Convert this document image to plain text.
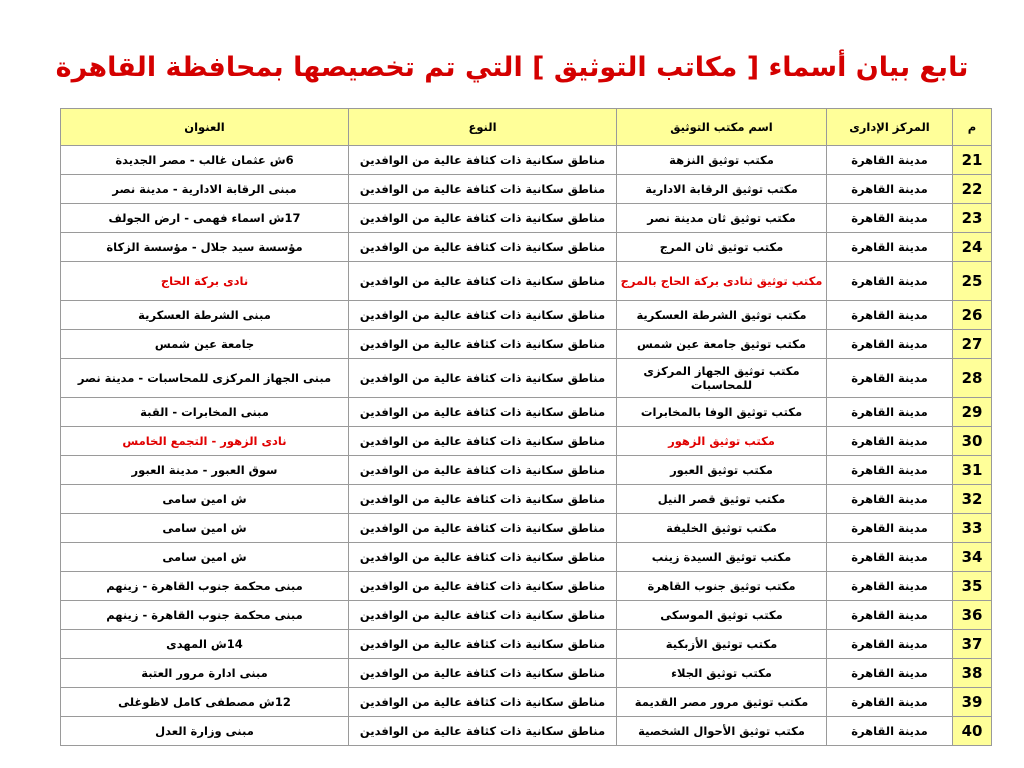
تابع بيان أسماء [ مكاتب التوثيق ] التي تم تخصيصها بمحافظة القاهرة
م	المركز الإدارى	اسم مكتب التوثيق	النوع	العنوان
21	مدينة القاهرة	مكتب توثيق النزهة	مناطق سكانية ذات كثافة عالية من الوافدين	6ش عثمان غالب - مصر الجديدة
22	مدينة القاهرة	مكتب توثيق الرقابة الادارية	مناطق سكانية ذات كثافة عالية من الوافدين	مبنى الرقابة الادارية - مدينة نصر
23	مدينة القاهرة	مكتب توثيق ثان مدينة نصر	مناطق سكانية ذات كثافة عالية من الوافدين	17ش اسماء فهمى - ارض الجولف
24	مدينة القاهرة	مكتب توثيق ثان المرج	مناطق سكانية ذات كثافة عالية من الوافدين	مؤسسة سيد جلال - مؤسسة الزكاة
25	مدينة القاهرة	مكتب توثيق ثنادى بركة الحاج بالمرج	مناطق سكانية ذات كثافة عالية من الوافدين	نادى بركة الحاج
26	مدينة القاهرة	مكتب توثيق الشرطة العسكرية	مناطق سكانية ذات كثافة عالية من الوافدين	مبنى الشرطة العسكرية
27	مدينة القاهرة	مكتب توثيق جامعة عين شمس	مناطق سكانية ذات كثافة عالية من الوافدين	جامعة عين شمس
28	مدينة القاهرة	مكتب توثيق الجهاز المركزى للمحاسبات	مناطق سكانية ذات كثافة عالية من الوافدين	مبنى الجهاز المركزى للمحاسبات - مدينة نصر
29	مدينة القاهرة	مكتب توثيق الوفا بالمخابرات	مناطق سكانية ذات كثافة عالية من الوافدين	مبنى المخابرات - القبة
30	مدينة القاهرة	مكتب توثيق الزهور	مناطق سكانية ذات كثافة عالية من الوافدين	نادى الزهور - التجمع الخامس
31	مدينة القاهرة	مكتب توثيق العبور	مناطق سكانية ذات كثافة عالية من الوافدين	سوق العبور - مدينة العبور
32	مدينة القاهرة	مكتب توثيق قصر النيل	مناطق سكانية ذات كثافة عالية من الوافدين	ش امين سامى
33	مدينة القاهرة	مكتب توثيق الخليفة	مناطق سكانية ذات كثافة عالية من الوافدين	ش امين سامى
34	مدينة القاهرة	مكتب توثيق السيدة زينب	مناطق سكانية ذات كثافة عالية من الوافدين	ش امين سامى
35	مدينة القاهرة	مكتب توثيق جنوب القاهرة	مناطق سكانية ذات كثافة عالية من الوافدين	مبنى محكمة جنوب القاهرة - زينهم
36	مدينة القاهرة	مكتب توثيق الموسكى	مناطق سكانية ذات كثافة عالية من الوافدين	مبنى محكمة جنوب القاهرة - زينهم
37	مدينة القاهرة	مكتب توثيق الأزبكية	مناطق سكانية ذات كثافة عالية من الوافدين	14ش المهدى
38	مدينة القاهرة	مكتب توثيق الجلاء	مناطق سكانية ذات كثافة عالية من الوافدين	مبنى ادارة مرور العتبة
39	مدينة القاهرة	مكتب توثيق مرور مصر القديمة	مناطق سكانية ذات كثافة عالية من الوافدين	12ش مصطفى كامل لاظوغلى
40	مدينة القاهرة	مكتب توثيق الأحوال الشخصية	مناطق سكانية ذات كثافة عالية من الوافدين	مبنى وزارة العدل
